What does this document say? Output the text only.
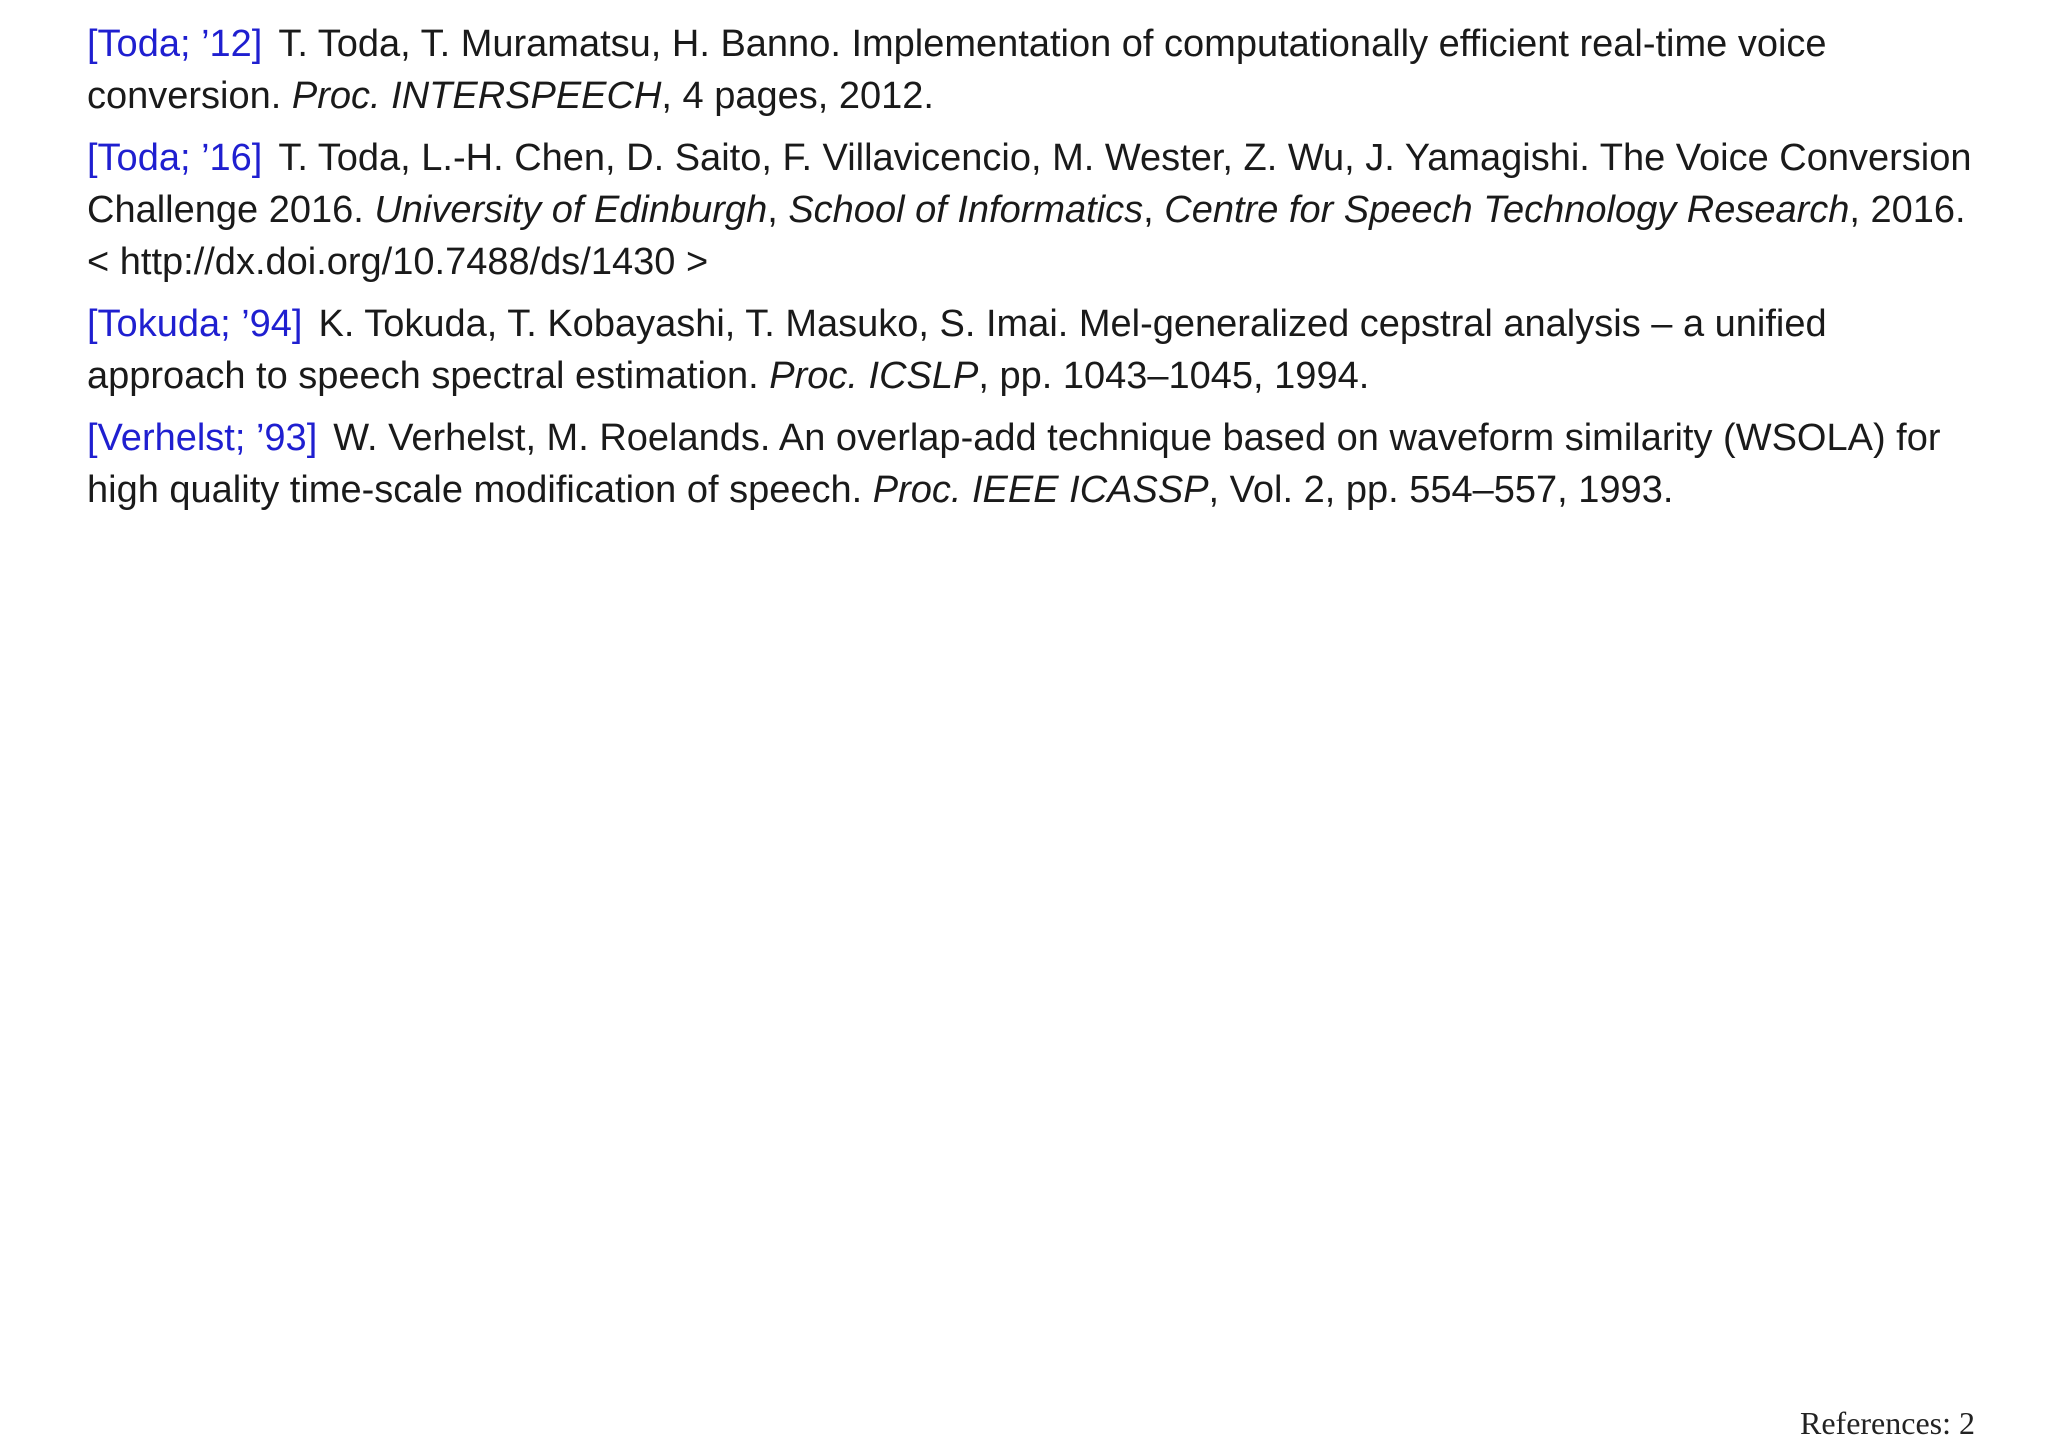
[Toda; ’12] T. Toda, T. Muramatsu, H. Banno. Implementation of computationally efficient real-time voice conversion. Proc. INTERSPEECH, 4 pages, 2012.

[Toda; ’16] T. Toda, L.-H. Chen, D. Saito, F. Villavicencio, M. Wester, Z. Wu, J. Yamagishi. The Voice Conversion Challenge 2016. University of Edinburgh, School of Informatics, Centre for Speech Technology Research, 2016. < http://dx.doi.org/10.7488/ds/1430 >

[Tokuda; ’94] K. Tokuda, T. Kobayashi, T. Masuko, S. Imai. Mel-generalized cepstral analysis – a unified approach to speech spectral estimation. Proc. ICSLP, pp. 1043–1045, 1994.

[Verhelst; ’93] W. Verhelst, M. Roelands. An overlap-add technique based on waveform similarity (WSOLA) for high quality time-scale modification of speech. Proc. IEEE ICASSP, Vol. 2, pp. 554–557, 1993.

References: 2
